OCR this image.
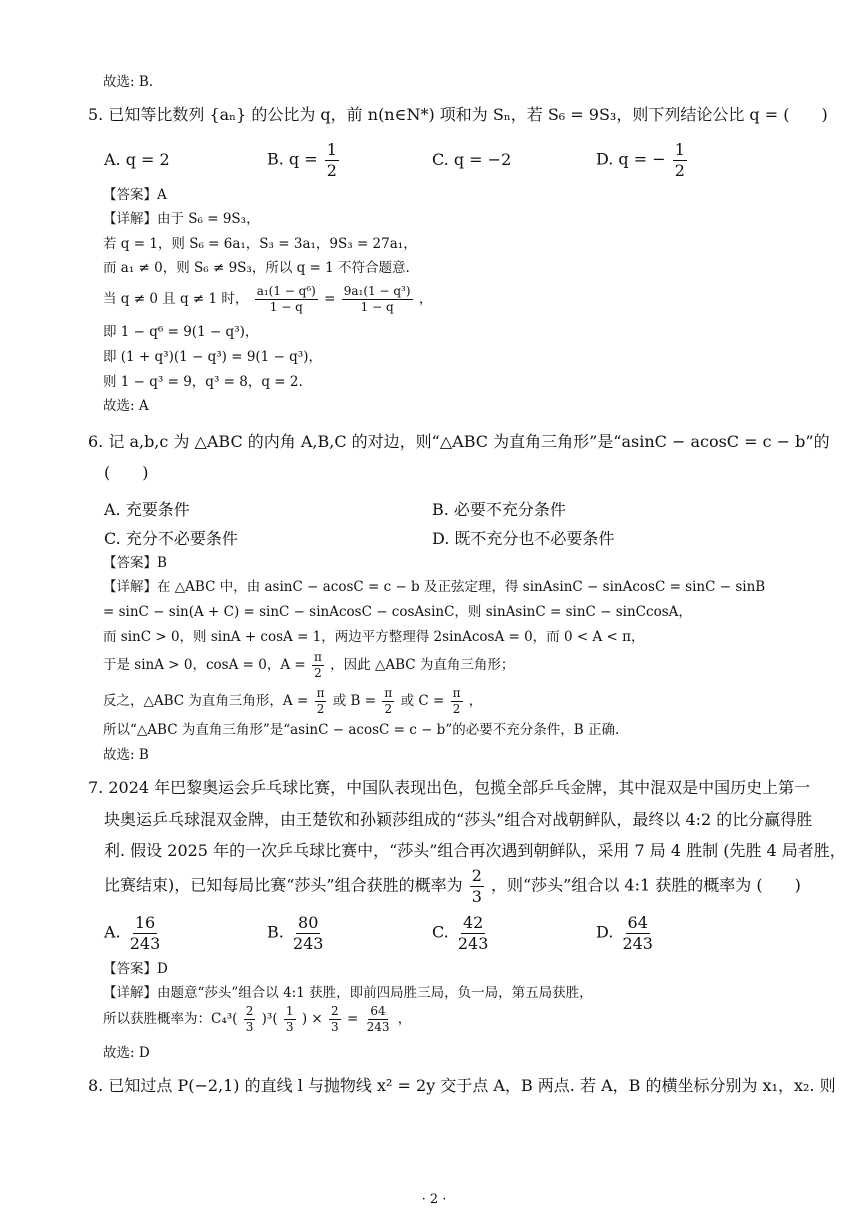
故选: B.
5. 已知等比数列 {aₙ} 的公比为 q，前 n(n∈N*) 项和为 Sₙ，若 S₆ = 9S₃，则下列结论公比 q = (　　)
A. q = 2	B. $q = \frac{1}{2}$	C. q = −2	D. q = − $\frac{1}{2}$
【答案】A
【详解】由于 S₆ = 9S₃，
若 q = 1，则 S₆ = 6a₁，S₃ = 3a₁，9S₃ = 27a₁，
而 a₁ ≠ 0，则 S₆ ≠ 9S₃，所以 q = 1 不符合题意.
当 q ≠ 0 且 q ≠ 1 时， $\frac{\text{a₁(1 − q⁶)}}{1 - q} = \frac{\text{9a₁(1 − q³)}}{1 - q}$ ，
即 1 − q⁶ = 9(1 − q³)，
即 (1 + q³)(1 − q³) = 9(1 − q³)，
则 1 − q³ = 9，q³ = 8，q = 2.
故选: A
6. 记 a,b,c 为 △ABC 的内角 A,B,C 的对边，则“△ABC 为直角三角形”是“asinC − acosC = c − b”的
(　　)
A. 充要条件	B. 必要不充分条件
C. 充分不必要条件	D. 既不充分也不必要条件
【答案】B
【详解】在 △ABC 中，由 asinC − acosC = c − b 及正弦定理，得 sinAsinC − sinAcosC = sinC − sinB
= sinC − sin(A + C) = sinC − sinAcosC − cosAsinC，则 sinAsinC = sinC − sinCcosA，
而 sinC > 0，则 sinA + cosA = 1，两边平方整理得 2sinAcosA = 0，而 0 < A < π，
于是 sinA > 0，cosA = 0，$A = \frac{\pi}{2}$ ，因此 △ABC 为直角三角形；
反之，△ABC 为直角三角形，$A = \frac{\pi}{2}$ 或 $B = \frac{\pi}{2}$ 或 $C = \frac{\pi}{2}$ ，
所以“△ABC 为直角三角形”是“asinC − acosC = c − b”的必要不充分条件，B 正确.
故选: B
7. 2024 年巴黎奥运会乒乓球比赛，中国队表现出色，包揽全部乒乓金牌，其中混双是中国历史上第一
块奥运乒乓球混双金牌，由王楚钦和孙颖莎组成的“莎头”组合对战朝鲜队，最终以 4:2 的比分赢得胜
利. 假设 2025 年的一次乒乓球比赛中，“莎头”组合再次遇到朝鲜队，采用 7 局 4 胜制 (先胜 4 局者胜，
比赛结束)，已知每局比赛“莎头”组合获胜的概率为 $\frac{2}{3}$ ，则“莎头”组合以 4:1 获胜的概率为 (　　)
A. $\frac{16}{243}$	B. $\frac{80}{243}$	C. $\frac{42}{243}$	D. $\frac{64}{243}$
【答案】D
【详解】由题意“莎头”组合以 4:1 获胜，即前四局胜三局，负一局，第五局获胜，
所以获胜概率为：$C_4^3( \frac{2}{3} )^3( \frac{1}{3}$ ) × $\frac{2}{3} = \frac{64}{243}$ ，
故选: D
8. 已知过点 P(−2,1) 的直线 l 与抛物线 x² = 2y 交于点 A，B 两点. 若 A，B 的横坐标分别为 x₁，x₂. 则
· 2 ·
